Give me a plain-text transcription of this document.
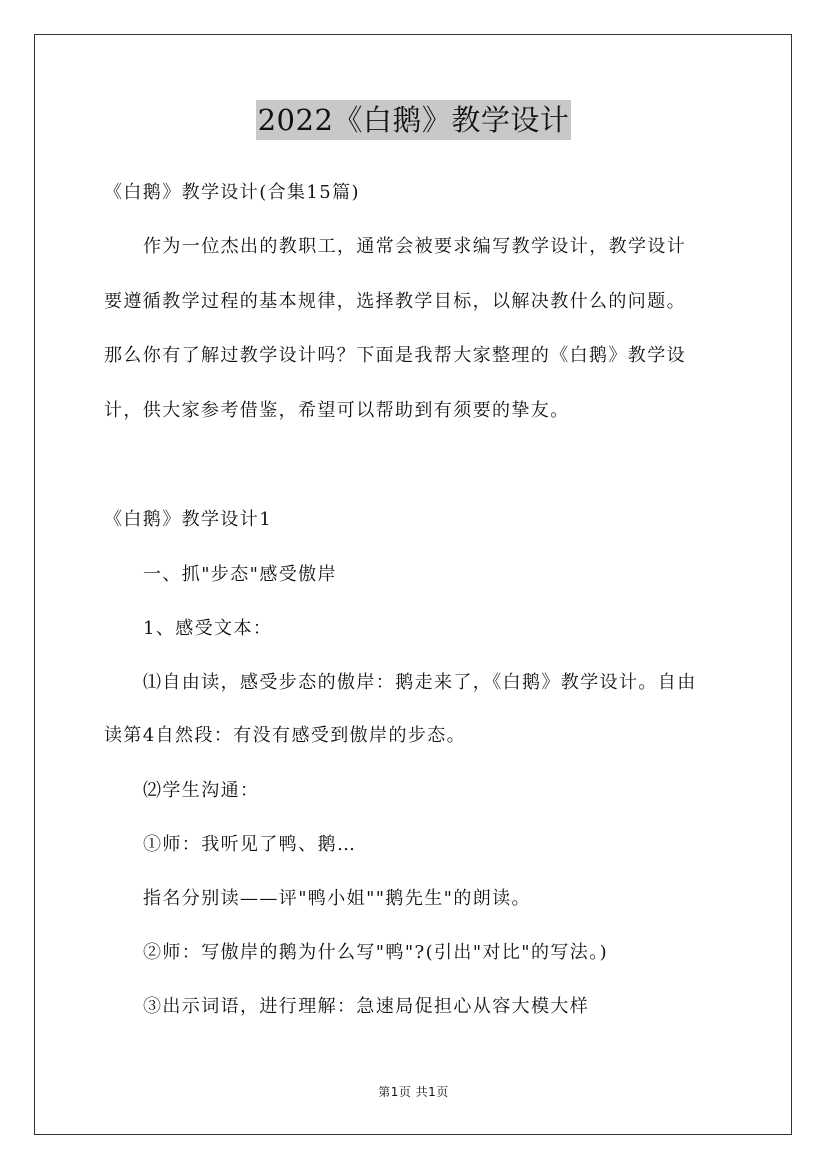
2022《白鹅》教学设计
《白鹅》教学设计(合集15篇)
作为一位杰出的教职工，通常会被要求编写教学设计，教学设计
要遵循教学过程的基本规律，选择教学目标，以解决教什么的问题。
那么你有了解过教学设计吗？下面是我帮大家整理的《白鹅》教学设
计，供大家参考借鉴，希望可以帮助到有须要的挚友。
《白鹅》教学设计1
一、抓"步态"感受傲岸
1、感受文本：
⑴自由读，感受步态的傲岸：鹅走来了，《白鹅》教学设计。自由
读第4自然段：有没有感受到傲岸的步态。
⑵学生沟通：
①师：我听见了鸭、鹅…
指名分别读——评"鸭小姐""鹅先生"的朗读。
②师：写傲岸的鹅为什么写"鸭"?(引出"对比"的写法。)
③出示词语，进行理解：急速局促担心从容大模大样
第1页 共1页
